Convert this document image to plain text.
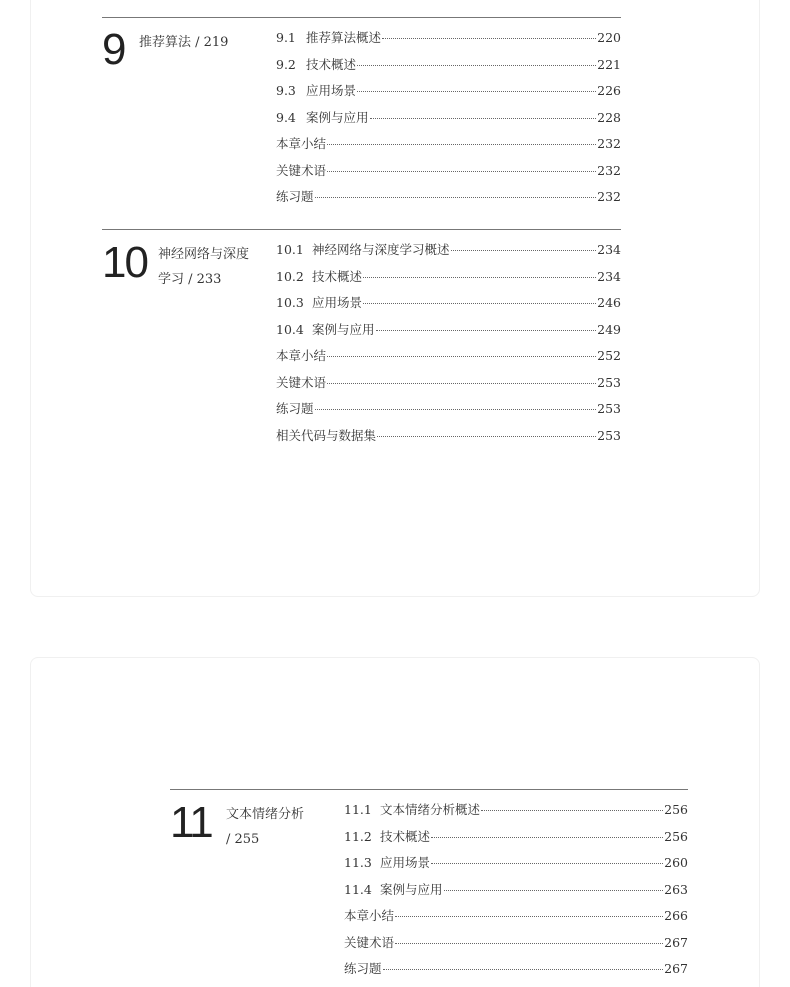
9 推荐算法 / 219	9.1 推荐算法概述	220
9.2 技术概述	221
9.3 应用场景	226
9.4 案例与应用	228
本章小结	232
关键术语	232
练习题	232
10 神经网络与深度
学习 / 233
10.1 神经网络与深度学习概述	234
10.2 技术概述	234
10.3 应用场景	246
10.4 案例与应用	249
本章小结	252
关键术语	253
练习题	253
相关代码与数据集	253
11 文本情绪分析
/ 255
11.1 文本情绪分析概述	256
11.2 技术概述	256
11.3 应用场景	260
11.4 案例与应用	263
本章小结	266
关键术语	267
练习题	267
